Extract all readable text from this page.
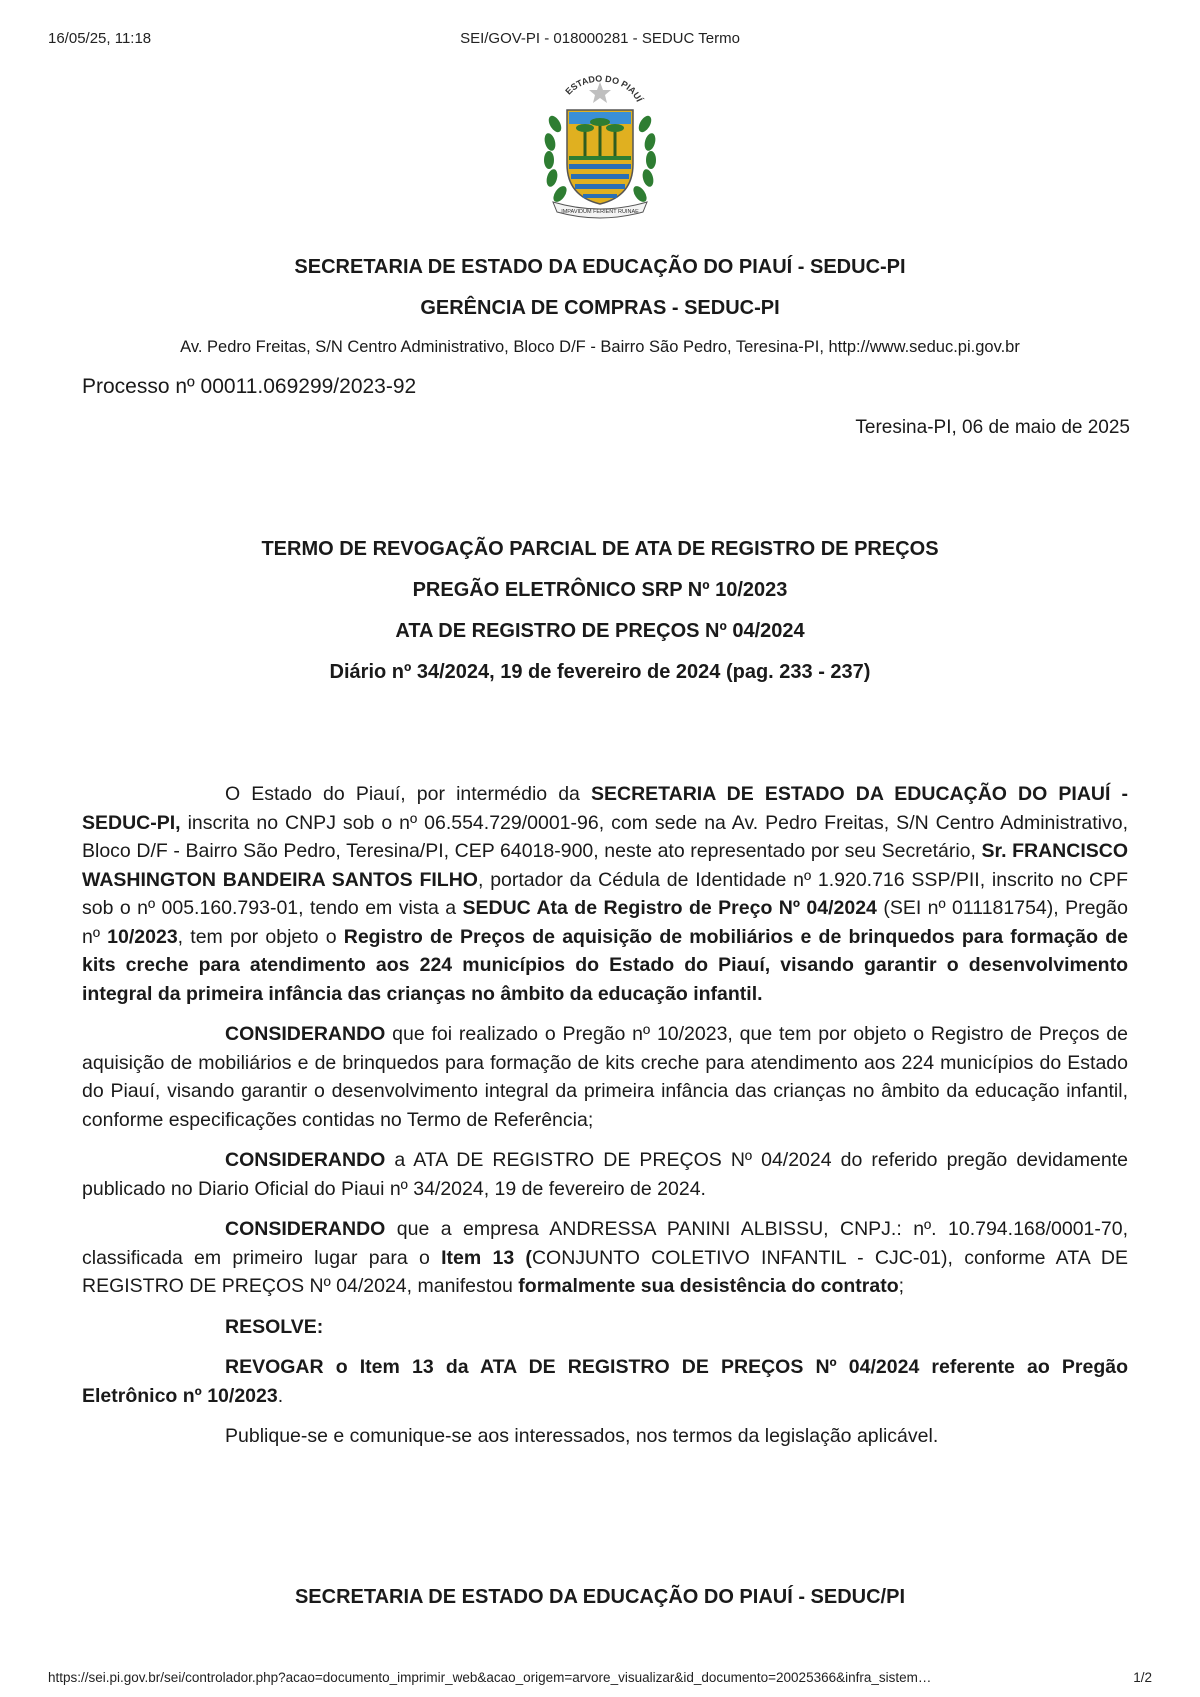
16/05/25, 11:18	SEI/GOV-PI - 018000281 - SEDUC Termo
ESTADO DO PIAUÍ
IMPAVIDUM FERIENT RUINAE
SECRETARIA DE ESTADO DA EDUCAÇÃO DO PIAUÍ - SEDUC-PI
GERÊNCIA DE COMPRAS - SEDUC-PI
Av. Pedro Freitas, S/N Centro Administrativo, Bloco D/F - Bairro São Pedro, Teresina-PI, http://www.seduc.pi.gov.br
Processo nº 00011.069299/2023-92
Teresina-PI, 06 de maio de 2025
TERMO DE REVOGAÇÃO PARCIAL DE ATA DE REGISTRO DE PREÇOS
PREGÃO ELETRÔNICO SRP Nº 10/2023
ATA DE REGISTRO DE PREÇOS Nº 04/2024
Diário nº 34/2024, 19 de fevereiro de 2024 (pag. 233 - 237)

O Estado do Piauí, por intermédio da SECRETARIA DE ESTADO DA EDUCAÇÃO DO PIAUÍ - SEDUC-PI, inscrita no CNPJ sob o nº 06.554.729/0001-96, com sede na Av. Pedro Freitas, S/N Centro Administrativo, Bloco D/F - Bairro São Pedro, Teresina/PI, CEP 64018-900, neste ato representado por seu Secretário, Sr. FRANCISCO WASHINGTON BANDEIRA SANTOS FILHO, portador da Cédula de Identidade nº 1.920.716 SSP/PII, inscrito no CPF sob o nº 005.160.793-01, tendo em vista a SEDUC Ata de Registro de Preço Nº 04/2024 (SEI nº 011181754), Pregão nº 10/2023, tem por objeto o Registro de Preços de aquisição de mobiliários e de brinquedos para formação de kits creche para atendimento aos 224 municípios do Estado do Piauí, visando garantir o desenvolvimento integral da primeira infância das crianças no âmbito da educação infantil.

CONSIDERANDO que foi realizado o Pregão nº 10/2023, que tem por objeto o Registro de Preços de aquisição de mobiliários e de brinquedos para formação de kits creche para atendimento aos 224 municípios do Estado do Piauí, visando garantir o desenvolvimento integral da primeira infância das crianças no âmbito da educação infantil, conforme especificações contidas no Termo de Referência;

CONSIDERANDO a ATA DE REGISTRO DE PREÇOS Nº 04/2024 do referido pregão devidamente publicado no Diario Oficial do Piaui nº 34/2024, 19 de fevereiro de 2024.

CONSIDERANDO que a empresa ANDRESSA PANINI ALBISSU, CNPJ.: nº. 10.794.168/0001-70, classificada em primeiro lugar para o Item 13 (CONJUNTO COLETIVO INFANTIL - CJC-01), conforme ATA DE REGISTRO DE PREÇOS Nº 04/2024, manifestou formalmente sua desistência do contrato;

RESOLVE:

REVOGAR o Item 13 da ATA DE REGISTRO DE PREÇOS Nº 04/2024 referente ao Pregão Eletrônico nº 10/2023.

Publique-se e comunique-se aos interessados, nos termos da legislação aplicável.

SECRETARIA DE ESTADO DA EDUCAÇÃO DO PIAUÍ - SEDUC/PI
https://sei.pi.gov.br/sei/controlador.php?acao=documento_imprimir_web&acao_origem=arvore_visualizar&id_documento=20025366&infra_sistem…	1/2
